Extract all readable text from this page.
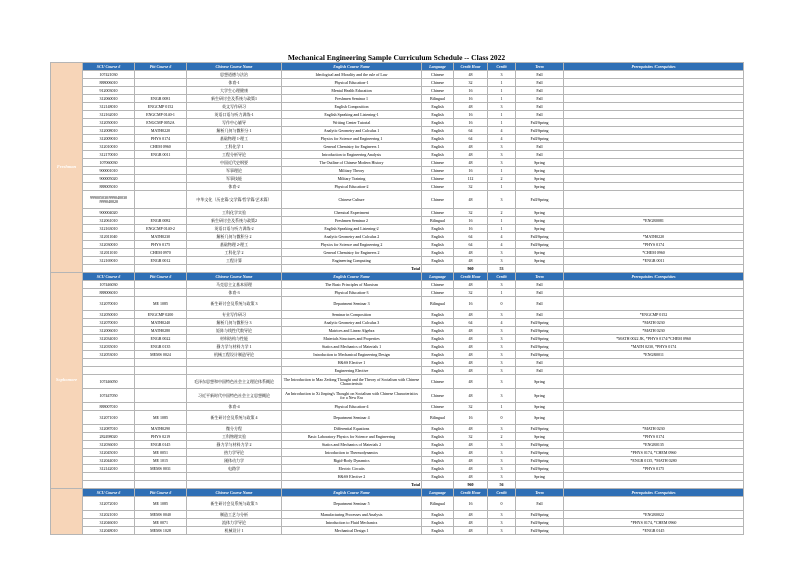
Mechanical Engineering Sample Curriculum Schedule -- Class 2022
Freshman	SCU Course #	Pitt Course #	Chinese Course Name	English Course Name	Language	Credit Hour	Credit	Term	Prerequisites /Corequisites
	107421030		思想道德与法治	Ideological and Morality and the rule of Law	Chinese	48	3	Fall	
	888006010		体育-1	Physical Education-1	Chinese	32	1	Fall	
	912003010		大学生心理健康	Mental Health Education	Chinese	16	1	Fall	
	312060010	ENGR 0081	新生研讨会及系统与政策1	Freshmen Seminar 1	Bilingual	16	1	Fall	
	312148010	ENGCMP 0152	英文写作研习	English Composition	English	48	3	Fall	
	312162010	ENGCMP 0140-1	英语口语与听力训练-1	English Speaking and Listening-1	English	16	1	Fall	
	312050010	ENGCMP 0052A	写作中心辅导	Writing Center Tutorial	English	16	1	Fall/Spring	
	312008010	MATH0220	解析几何与微积分 1	Analytic Geometry and Calculus 1	English	64	4	Fall/Spring	
	312009010	PHYS 0174	基础物理 1-理工	Physics for Science and Engineering 1	English	64	4	Fall/Spring	
	312010010	CHEM 0960	工科化学 1	General Chemistry for Engineers 1	English	48	3	Fall	
	312170010	ENGR 0011	工程分析导论	Introduction to Engineering Analysis	English	48	3	Fall	
	107060030		中国近代史纲要	The Outline of Chinese Modern History	Chinese	48	3	Spring	
	900001010		军事理论	Military Theory	Chinese	16	1	Spring	
	900005020		军事技能	Military Training	Chinese	112	2	Spring	
	888005010		体育-2	Physical Education-2	Chinese	32	1	Spring	
	999005030/999040030 /999040020		中华文化（历史篇/文学篇/哲学篇/艺术篇）	Chinese Culture	Chinese	48	3	Fall/Spring	
	900004020		工科化学实验	Chemical Experiment	Chinese	32	2	Spring	
	312061010	ENGR 0082	新生研讨会及系统与政策2	Freshmen Seminar 2	Bilingual	16	1	Spring	*ENGR0081
	312163010	ENGCMP 0140-2	英语口语与听力训练-2	English Speaking and Listening-2	English	16	1	Spring	
	312011040	MATH0230	解析几何与微积分 2	Analytic Geometry and Calculus 2	English	64	4	Fall/Spring	*MATH0220
	312030010	PHYS 0175	基础物理 2-理工	Physics for Science and Engineering 2	English	64	4	Fall/Spring	*PHYS 0174
	312011010	CHEM 0970	工科化学 2	General Chemistry for Engineers 2	English	48	3	Spring	*CHEM 0960
	312169010	ENGR 0012	工程计算	Engineering Computing	English	48	3	Spring	*ENGR 0011
				Total		960	53		
Sophomore	SCU Course #	Pitt Course #	Chinese Course Name	English Course Name	Language	Credit Hour	Credit	Term	Prerequisites /Corequisites
	107446030		马克思主义基本原理	The Basic Principles of Marxism	Chinese	48	3	Fall	
	888006010		体育-3	Physical Education-3	Chinese	32	1	Fall	
	312070010	ME 1085	新生研讨会及系统与政策 3	Department Seminar 3	Bilingual	16	0	Fall	
	312050010	ENGCMP 0200	专业写作研习	Seminar in Composition	English	48	3	Fall	*ENGCMP 0152
	312070010	MATH0240	解析几何与微积分 3	Analytic Geometry and Calculus 3	English	64	4	Fall/Spring	*MATH 0230
	312006010	MATH0280	矩阵与线性代数导论	Matrices and Linear Algebra	English	48	3	Fall/Spring	*MATH 0230
	312034010	ENGR 0022	材料结构与性能	Materials Structures and Properties	English	48	3	Fall/Spring	*MATH 0022 JK, *PHYS 0174/*CHEM 0960
	312035010	ENGR 0135	静力学与材料力学 1	Statics and Mechanics of Materials 1	English	48	3	Fall/Spring	*MATH 0230, *PHYS 0174
	312053010	MEMS 0024	机械工程设计制造导论	Introduction to Mechanical Engineering Design	English	48	3	Fall/Spring	*ENGR0011
				H&SS Elective 1	English	48	3	Fall	
				Engineering Elective	English	48	3	Fall	
	107446050		毛泽东思想和中国特色社会主义理论体系概论	The Introduction to Mao Zedong Thought and the Theory of Socialism with Chinese Characteristic	Chinese	48	3	Spring	
	107447050		习近平新时代中国特色社会主义思想概论	An Introduction to Xi Jinping's Thought on Socialism with Chinese Characteristics for a New Era	Chinese	48	3	Spring	
	888007010		体育-4	Physical Education-4	Chinese	32	1	Spring	
	312071010	ME 1085	新生研讨会及系统与政策 4	Department Seminar 4	Bilingual	16	0	Spring	
	312087010	MATH0290	微分方程	Differential Equations	English	48	3	Fall/Spring	*MATH 0230
	282498020	PHYS 0219	工科物理实验	Basic Laboratory Physics for Science and Engineering	English	32	2	Spring	*PHYS 0174
	312036010	ENGR 0145	静力学与材料力学 2	Statics and Mechanics of Materials 2	English	48	3	Fall/Spring	*ENGR0135
	312045010	ME 0051	热力学导论	Introduction to Thermodynamics	English	48	3	Fall/Spring	*PHYS 0174, *CHEM 0960
	312044010	ME 1015	刚体动力学	Rigid-Body Dynamics	English	48	3	Fall/Spring	*ENGR 0135, *MATH 0280
	312142010	MEMS 0031	电路学	Electric Circuits	English	48	3	Fall/Spring	*PHYS 0175
				H&SS Elective 2	English	48	3	Spring	
				Total		960	56		
	SCU Course #	Pitt Course #	Chinese Course Name	English Course Name	Language	Credit Hour	Credit	Term	Prerequisites /Corequisites
	312072010	ME 1085	新生研讨会及系统与政策 5	Department Seminar 5	Bilingual	16	0	Fall	
	312021010	MEMS 0040	制造工艺与分析	Manufacturing Processes and Analysis	English	48	3	Fall/Spring	*ENGR0022
	312046010	ME 0071	流体力学导论	Introduction to Fluid Mechanics	English	48	3	Fall/Spring	*PHYS 0174, *CHEM 0960
	312048010	MEMS 1028	机械设计 1	Mechanical Design 1	English	48	3	Fall/Spring	*ENGR 0145
